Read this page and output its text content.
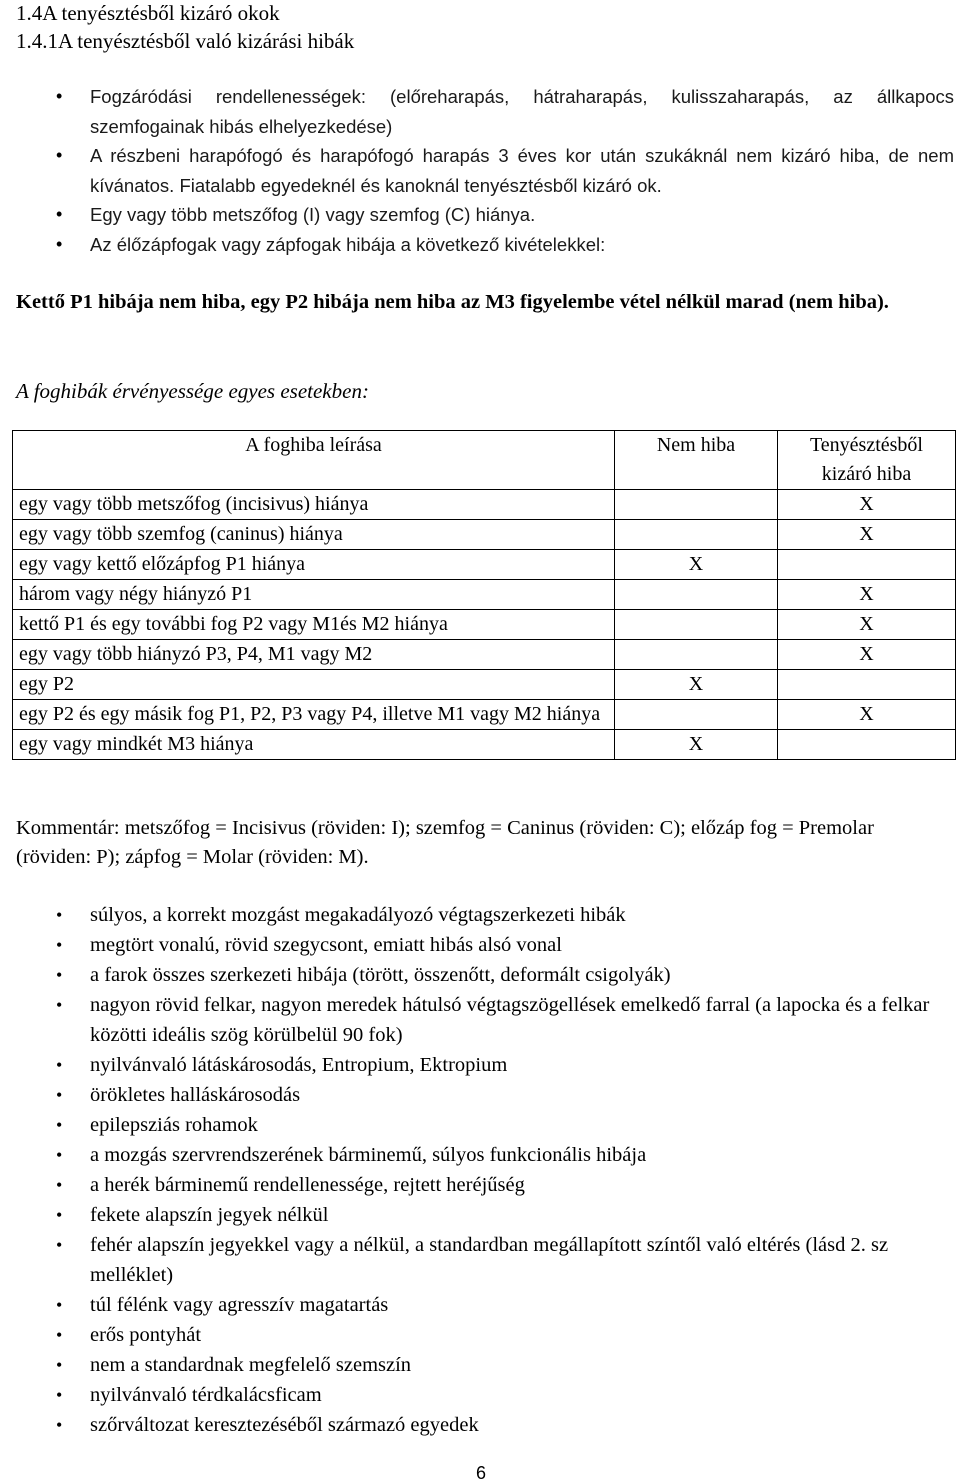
1.4A tenyésztésből kizáró okok
1.4.1A tenyésztésből való kizárási hibák
• Fogzáródási rendellenességek: (előreharapás, hátraharapás, kulisszaharapás, az állkapocs szemfogainak hibás elhelyezkedése)
• A részbeni harapófogó és harapófogó harapás 3 éves kor után szukáknál nem kizáró hiba, de nem kívánatos. Fiatalabb egyedeknél és kanoknál tenyésztésből kizáró ok.
• Egy vagy több metszőfog (I) vagy szemfog (C) hiánya.
• Az élőzápfogak vagy zápfogak hibája a következő kivételekkel:

Kettő P1 hibája nem hiba, egy P2 hibája nem hiba az M3 figyelembe vétel nélkül marad (nem hiba).

A foghibák érvényessége egyes esetekben:

A foghiba leírása	Nem hiba	Tenyésztésből kizáró hiba
egy vagy több metszőfog (incisivus) hiánya		X
egy vagy több szemfog (caninus) hiánya		X
egy vagy kettő előzápfog P1 hiánya	X	
három vagy négy hiányzó P1		X
kettő P1 és egy további fog P2 vagy M1és M2 hiánya		X
egy vagy több hiányzó P3, P4, M1 vagy M2		X
egy P2	X	
egy P2 és egy másik fog P1, P2, P3 vagy P4, illetve M1 vagy M2 hiánya		X
egy vagy mindkét M3 hiánya	X	

Kommentár: metszőfog = Incisivus (röviden: I); szemfog = Caninus (röviden: C); előzáp fog = Premolar (röviden: P); zápfog = Molar (röviden: M).

• súlyos, a korrekt mozgást megakadályozó végtagszerkezeti hibák
• megtört vonalú, rövid szegycsont, emiatt hibás alsó vonal
• a farok összes szerkezeti hibája (törött, összenőtt, deformált csigolyák)
• nagyon rövid felkar, nagyon meredek hátulsó végtagszögellések emelkedő farral (a lapocka és a felkar közötti ideális szög körülbelül 90 fok)
• nyilvánvaló látáskárosodás, Entropium, Ektropium
• örökletes halláskárosodás
• epilepsziás rohamok
• a mozgás szervrendszerének bárminemű, súlyos funkcionális hibája
• a herék bárminemű rendellenessége, rejtett heréjűség
• fekete alapszín jegyek nélkül
• fehér alapszín jegyekkel vagy a nélkül, a standardban megállapított színtől való eltérés (lásd 2. sz melléklet)
• túl félénk vagy agresszív magatartás
• erős pontyhát
• nem a standardnak megfelelő szemszín
• nyilvánvaló térdkalácsficam
• szőrváltozat keresztezéséből származó egyedek
6
